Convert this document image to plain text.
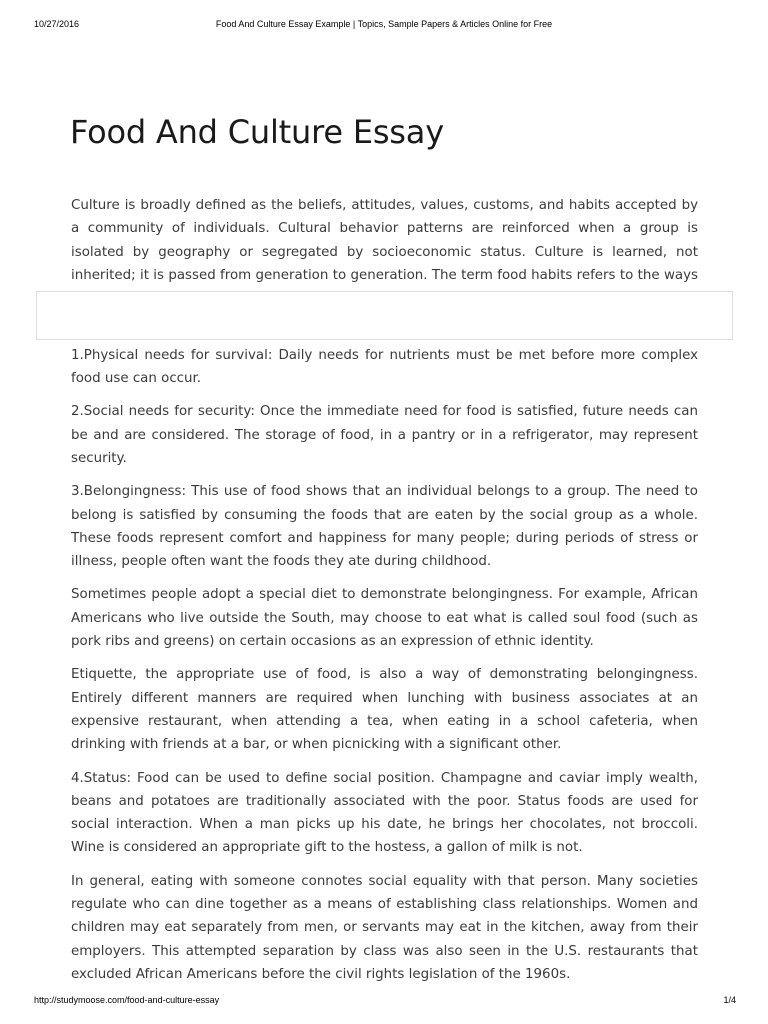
10/27/2016	Food And Culture Essay Example | Topics, Sample Papers & Articles Online for Free
Food And Culture Essay

Culture is broadly defined as the beliefs, attitudes, values, customs, and habits accepted by a community of individuals. Cultural behavior patterns are reinforced when a group is isolated by geography or segregated by socioeconomic status. Culture is learned, not inherited; it is passed from generation to generation. The term food habits refers to the ways

1.Physical needs for survival: Daily needs for nutrients must be met before more complex food use can occur.

2.Social needs for security: Once the immediate need for food is satisfied, future needs can be and are considered. The storage of food, in a pantry or in a refrigerator, may represent security.

3.Belongingness: This use of food shows that an individual belongs to a group. The need to belong is satisfied by consuming the foods that are eaten by the social group as a whole. These foods represent comfort and happiness for many people; during periods of stress or illness, people often want the foods they ate during childhood.

Sometimes people adopt a special diet to demonstrate belongingness. For example, African Americans who live outside the South, may choose to eat what is called soul food (such as pork ribs and greens) on certain occasions as an expression of ethnic identity.

Etiquette, the appropriate use of food, is also a way of demonstrating belongingness. Entirely different manners are required when lunching with business associates at an expensive restaurant, when attending a tea, when eating in a school cafeteria, when drinking with friends at a bar, or when picnicking with a significant other.

4.Status: Food can be used to define social position. Champagne and caviar imply wealth, beans and potatoes are traditionally associated with the poor. Status foods are used for social interaction. When a man picks up his date, he brings her chocolates, not broccoli. Wine is considered an appropriate gift to the hostess, a gallon of milk is not.

In general, eating with someone connotes social equality with that person. Many societies regulate who can dine together as a means of establishing class relationships. Women and children may eat separately from men, or servants may eat in the kitchen, away from their employers. This attempted separation by class was also seen in the U.S. restaurants that excluded African Americans before the civil rights legislation of the 1960s.

http://studymoose.com/food-and-culture-essay	1/4
